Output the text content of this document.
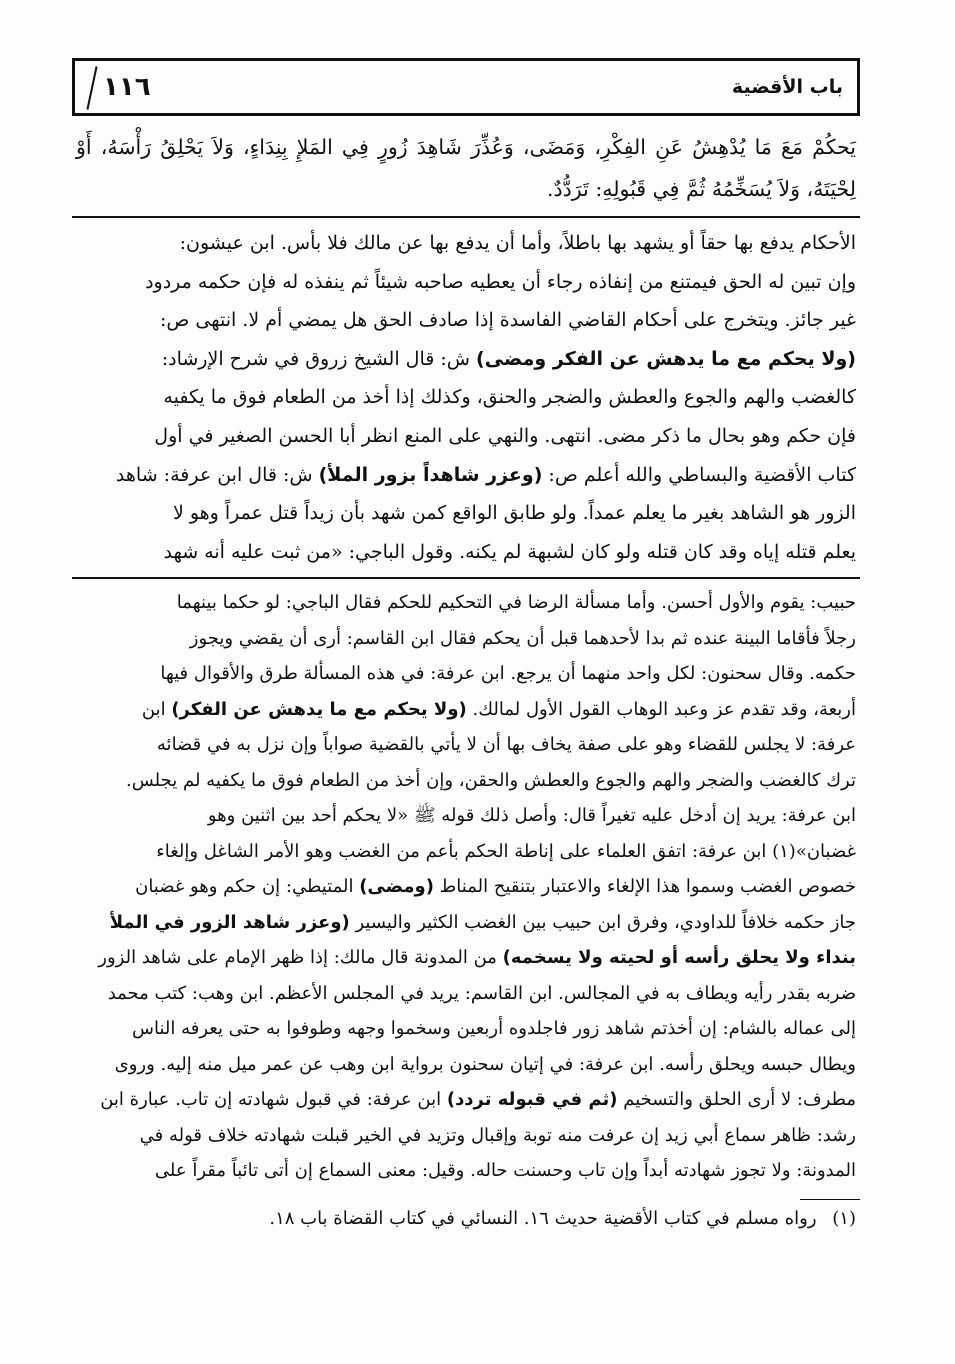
باب الأقضية
١١٦
يَحكُمْ مَعَ مَا يُدْهِشُ عَنِ الفِكْرِ، وَمَضَى، وَعُذِّرَ شَاهِدَ زُورٍ فِي المَلإِ بِنِدَاءٍ، وَلاَ يَحْلِقُ رَأْسَهُ، أَوْ لِحْيَتَهُ، وَلاَ يُسَخِّمُهُ ثُمَّ فِي قَبُولِهِ: تَرَدُّدٌ.
الأحكام يدفع بها حقاً أو يشهد بها باطلاً، وأما أن يدفع بها عن مالك فلا بأس. ابن عيشون:
وإن تبين له الحق فيمتنع من إنفاذه رجاء أن يعطيه صاحبه شيئاً ثم ينفذه له فإن حكمه مردود
غير جائز. ويتخرج على أحكام القاضي الفاسدة إذا صادف الحق هل يمضي أم لا. انتهى ص:
(ولا يحكم مع ما يدهش عن الفكر ومضى) ش: قال الشيخ زروق في شرح الإرشاد:
كالغضب والهم والجوع والعطش والضجر والحنق، وكذلك إذا أخذ من الطعام فوق ما يكفيه
فإن حكم وهو بحال ما ذكر مضى. انتهى. والنهي على المنع انظر أبا الحسن الصغير في أول
كتاب الأقضية والبساطي والله أعلم ص: (وعزر شاهداً بزور الملأ) ش: قال ابن عرفة: شاهد
الزور هو الشاهد بغير ما يعلم عمداً. ولو طابق الواقع كمن شهد بأن زيداً قتل عمراً وهو لا
يعلم قتله إياه وقد كان قتله ولو كان لشبهة لم يكنه. وقول الباجي: «من ثبت عليه أنه شهد
حبيب: يقوم والأول أحسن. وأما مسألة الرضا في التحكيم للحكم فقال الباجي: لو حكما بينهما
رجلاً فأقاما البينة عنده ثم بدا لأحدهما قبل أن يحكم فقال ابن القاسم: أرى أن يقضي ويجوز
حكمه. وقال سحنون: لكل واحد منهما أن يرجع. ابن عرفة: في هذه المسألة طرق والأقوال فيها
أربعة، وقد تقدم عز وعبد الوهاب القول الأول لمالك. (ولا يحكم مع ما يدهش عن الفكر) ابن
عرفة: لا يجلس للقضاء وهو على صفة يخاف بها أن لا يأتي بالقضية صواباً وإن نزل به في قضائه
ترك كالغضب والضجر والهم والجوع والعطش والحقن، وإن أخذ من الطعام فوق ما يكفيه لم يجلس.
ابن عرفة: يريد إن أدخل عليه تغيراً قال: وأصل ذلك قوله ﷺ «لا يحكم أحد بين اثنين وهو
غضبان»(١) ابن عرفة: اتفق العلماء على إناطة الحكم بأعم من الغضب وهو الأمر الشاغل وإلغاء
خصوص الغضب وسموا هذا الإلغاء والاعتبار بتنقيح المناط (ومضى) المتيطي: إن حكم وهو غضبان
جاز حكمه خلافاً للداودي، وفرق ابن حبيب بين الغضب الكثير واليسير (وعزر شاهد الزور في الملأ
بنداء ولا يحلق رأسه أو لحيته ولا يسخمه) من المدونة قال مالك: إذا ظهر الإمام على شاهد الزور
ضربه بقدر رأيه ويطاف به في المجالس. ابن القاسم: يريد في المجلس الأعظم. ابن وهب: كتب محمد
إلى عماله بالشام: إن أخذتم شاهد زور فاجلدوه أربعين وسخموا وجهه وطوفوا به حتى يعرفه الناس
ويطال حبسه ويحلق رأسه. ابن عرفة: في إتيان سحنون برواية ابن وهب عن عمر ميل منه إليه. وروى
مطرف: لا أرى الحلق والتسخيم (ثم في قبوله تردد) ابن عرفة: في قبول شهادته إن تاب. عبارة ابن
رشد: ظاهر سماع أبي زيد إن عرفت منه توبة وإقبال وتزيد في الخير قبلت شهادته خلاف قوله في
المدونة: ولا تجوز شهادته أبداً وإن تاب وحسنت حاله. وقيل: معنى السماع إن أتى تائباً مقراً على
(١) رواه مسلم في كتاب الأقضية حديث ١٦. النسائي في كتاب القضاة باب ١٨.
